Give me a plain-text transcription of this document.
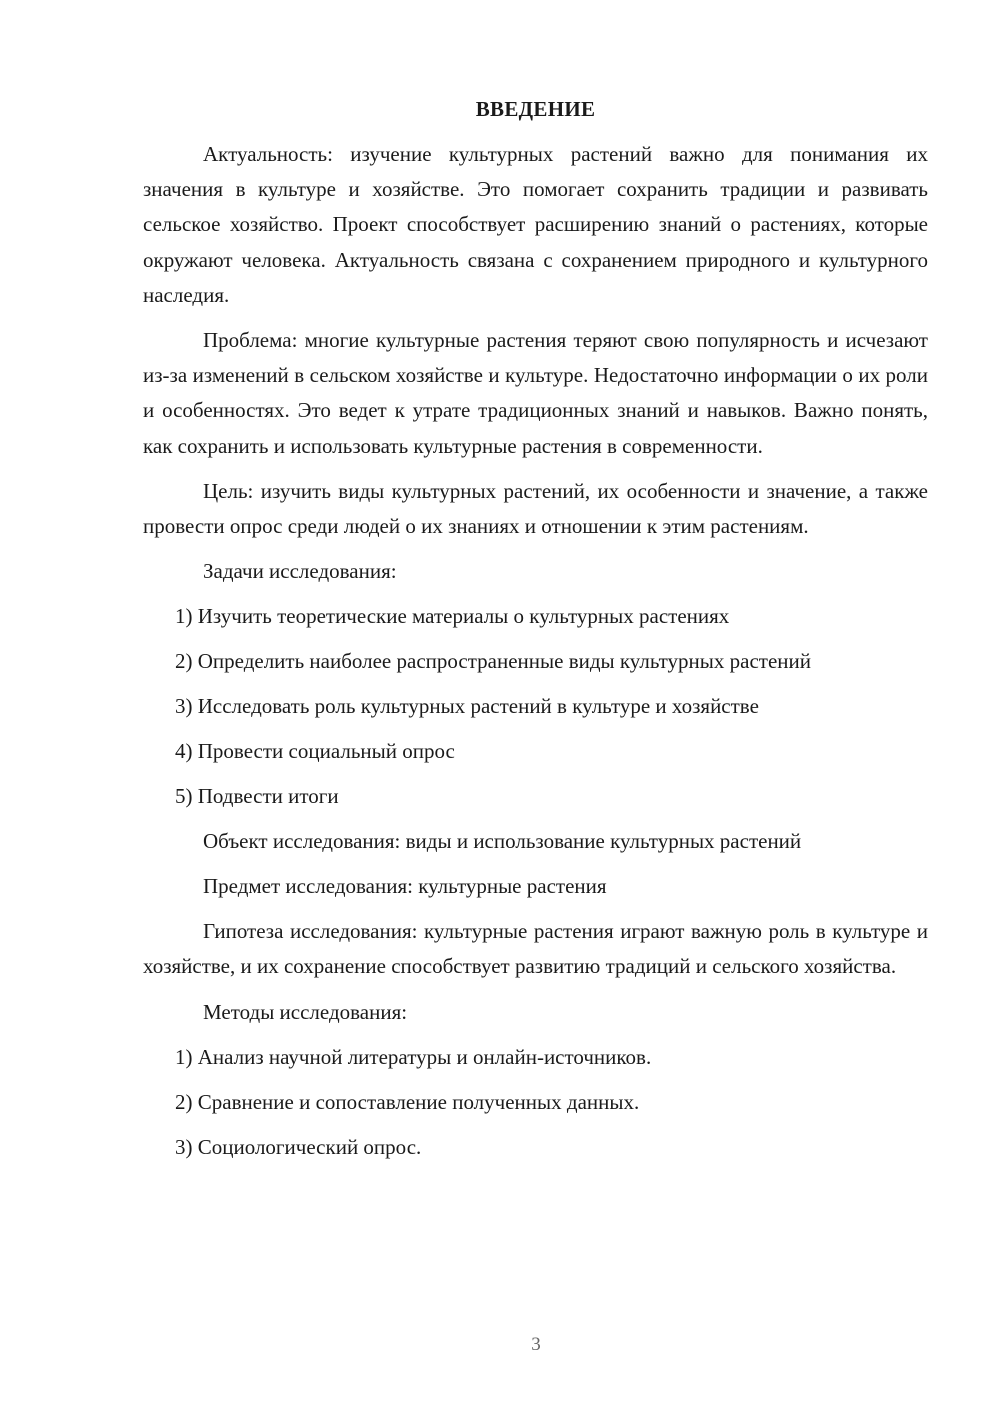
ВВЕДЕНИЕ

Актуальность: изучение культурных растений важно для понимания их значения в культуре и хозяйстве. Это помогает сохранить традиции и развивать сельское хозяйство. Проект способствует расширению знаний о растениях, которые окружают человека. Актуальность связана с сохранением природного и культурного наследия.

Проблема: многие культурные растения теряют свою популярность и исчезают из-за изменений в сельском хозяйстве и культуре. Недостаточно информации о их роли и особенностях. Это ведет к утрате традиционных знаний и навыков. Важно понять, как сохранить и использовать культурные растения в современности.

Цель: изучить виды культурных растений, их особенности и значение, а также провести опрос среди людей о их знаниях и отношении к этим растениям.

Задачи исследования:
1) Изучить теоретические материалы о культурных растениях
2) Определить наиболее распространенные виды культурных растений
3) Исследовать роль культурных растений в культуре и хозяйстве
4) Провести социальный опрос
5) Подвести итоги
Объект исследования: виды и использование культурных растений
Предмет исследования: культурные растения

Гипотеза исследования: культурные растения играют важную роль в культуре и хозяйстве, и их сохранение способствует развитию традиций и сельского хозяйства.

Методы исследования:
1) Анализ научной литературы и онлайн-источников.
2) Сравнение и сопоставление полученных данных.
3) Социологический опрос.
3
